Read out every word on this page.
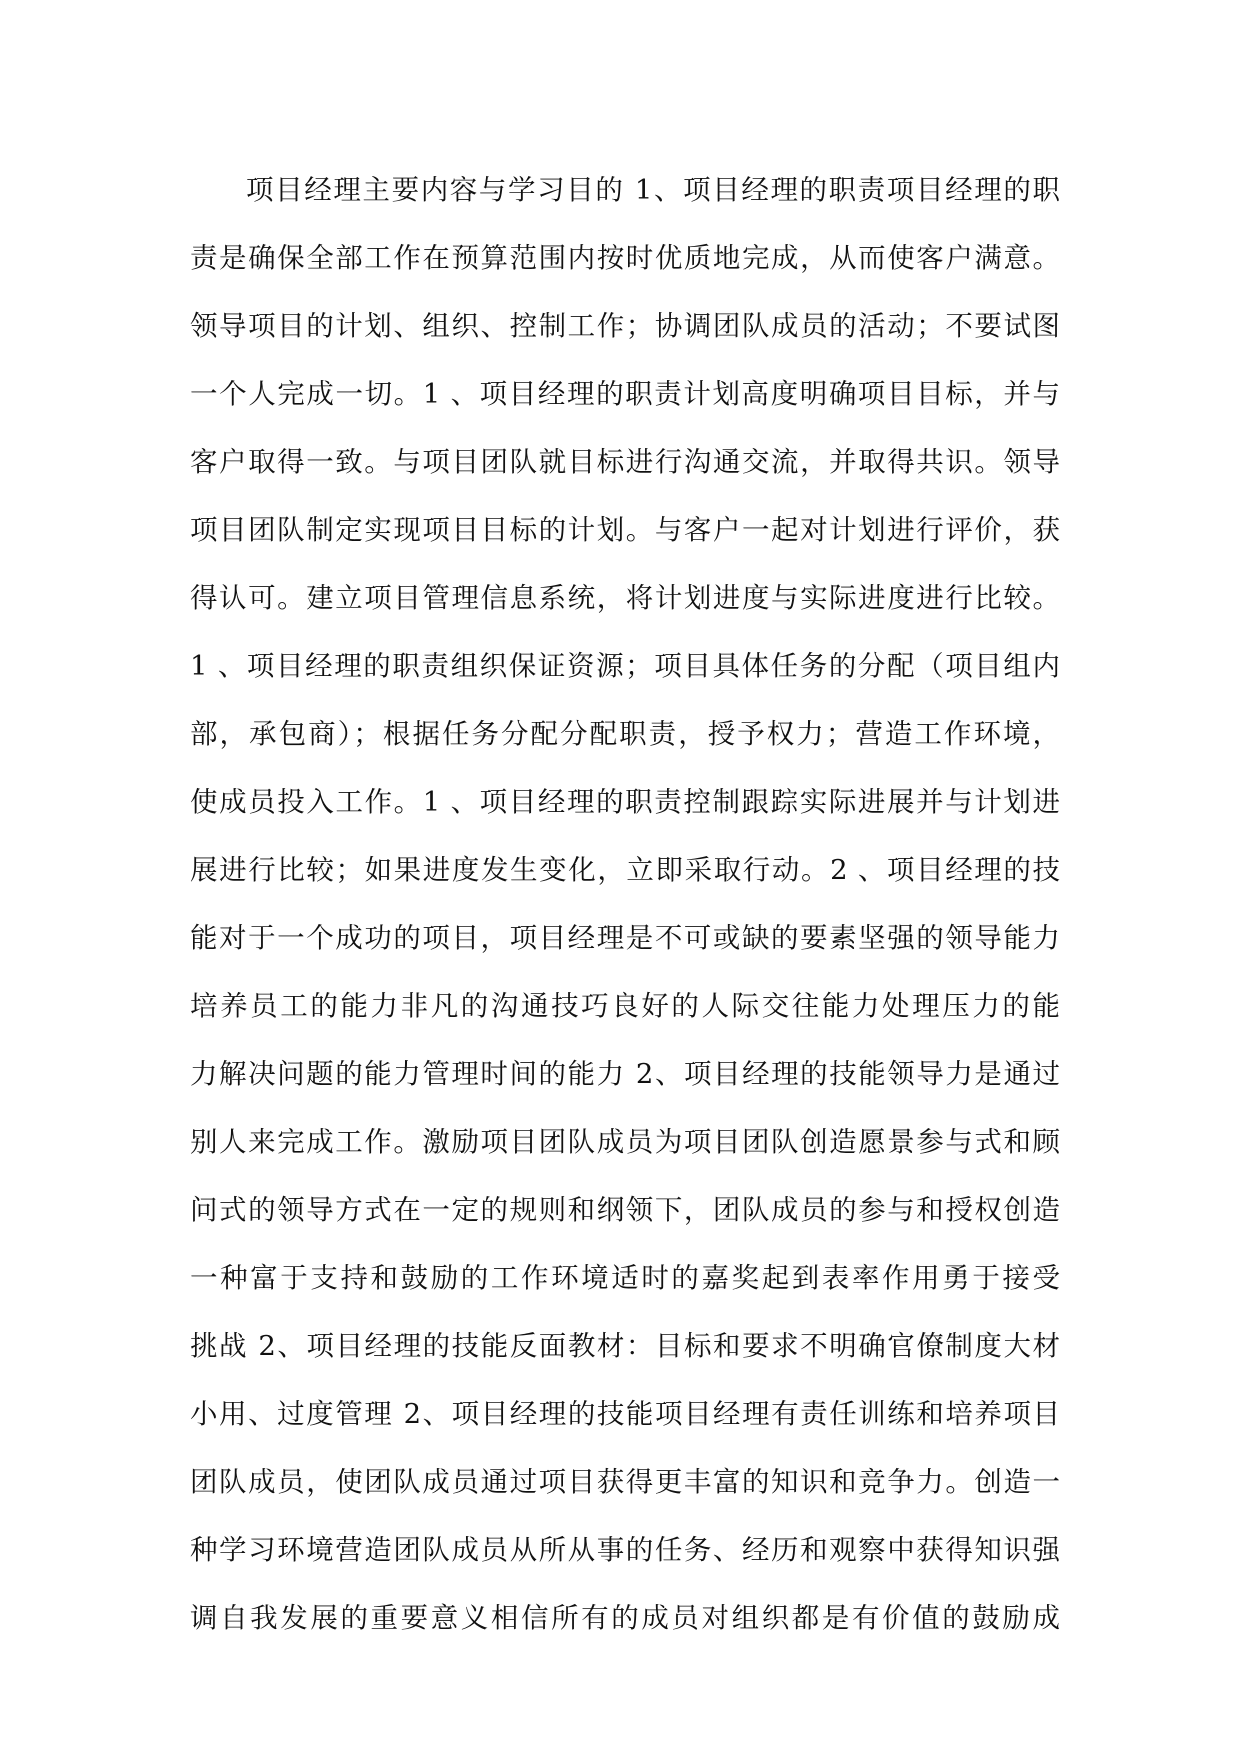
项目经理主要内容与学习目的 1、项目经理的职责项目经理的职
责是确保全部工作在预算范围内按时优质地完成，从而使客户满意。
领导项目的计划、组织、控制工作；协调团队成员的活动；不要试图
一个人完成一切。1 、项目经理的职责计划高度明确项目目标，并与
客户取得一致。与项目团队就目标进行沟通交流，并取得共识。领导
项目团队制定实现项目目标的计划。与客户一起对计划进行评价，获
得认可。建立项目管理信息系统，将计划进度与实际进度进行比较。
1 、项目经理的职责组织保证资源；项目具体任务的分配（项目组内
部，承包商）；根据任务分配分配职责，授予权力；营造工作环境，
使成员投入工作。1 、项目经理的职责控制跟踪实际进展并与计划进
展进行比较；如果进度发生变化，立即采取行动。2 、项目经理的技
能对于一个成功的项目，项目经理是不可或缺的要素坚强的领导能力
培养员工的能力非凡的沟通技巧良好的人际交往能力处理压力的能
力解决问题的能力管理时间的能力 2、项目经理的技能领导力是通过
别人来完成工作。激励项目团队成员为项目团队创造愿景参与式和顾
问式的领导方式在一定的规则和纲领下，团队成员的参与和授权创造
一种富于支持和鼓励的工作环境适时的嘉奖起到表率作用勇于接受
挑战 2、项目经理的技能反面教材：目标和要求不明确官僚制度大材
小用、过度管理 2、项目经理的技能项目经理有责任训练和培养项目
团队成员，使团队成员通过项目获得更丰富的知识和竞争力。创造一
种学习环境营造团队成员从所从事的任务、经历和观察中获得知识强
调自我发展的重要意义相信所有的成员对组织都是有价值的鼓励成
